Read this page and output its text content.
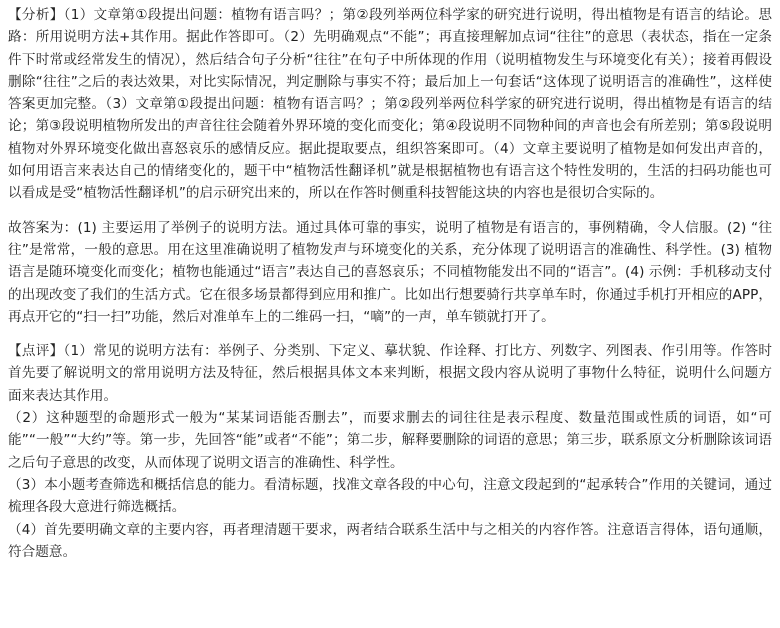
【分析】（1）文章第①段提出问题：植物有语言吗？；第②段列举两位科学家的研究进行说明，得出植物是有语言的结论。思路：所用说明方法+其作用。据此作答即可。（2）先明确观点“不能”；再直接理解加点词“往往”的意思（表状态，指在一定条件下时常或经常发生的情况），然后结合句子分析“往往”在句子中所体现的作用（说明植物发生与环境变化有关）；接着再假设删除“往往”之后的表达效果，对比实际情况，判定删除与事实不符；最后加上一句套话“这体现了说明语言的准确性”，这样使答案更加完整。（3）文章第①段提出问题：植物有语言吗？；第②段列举两位科学家的研究进行说明，得出植物是有语言的结论；第③段说明植物所发出的声音往往会随着外界环境的变化而变化；第④段说明不同物种间的声音也会有所差别；第⑤段说明植物对外界环境变化做出喜怒哀乐的感情反应。据此提取要点，组织答案即可。（4）文章主要说明了植物是如何发出声音的，如何用语言来表达自己的情绪变化的，题干中“植物活性翻译机”就是根据植物也有语言这个特性发明的，生活的扫码功能也可以看成是受“植物活性翻译机”的启示研究出来的，所以在作答时侧重科技智能这块的内容也是很切合实际的。

故答案为：(1) 主要运用了举例子的说明方法。通过具体可靠的事实，说明了植物是有语言的，事例精确，令人信服。(2) “往往”是常常，一般的意思。用在这里准确说明了植物发声与环境变化的关系，充分体现了说明语言的准确性、科学性。(3) 植物语言是随环境变化而变化；植物也能通过“语言”表达自己的喜怒哀乐；不同植物能发出不同的“语言”。(4) 示例：手机移动支付的出现改变了我们的生活方式。它在很多场景都得到应用和推广。比如出行想要骑行共享单车时，你通过手机打开相应的APP，再点开它的“扫一扫”功能，然后对准单车上的二维码一扫，“嘀”的一声，单车锁就打开了。

【点评】（1）常见的说明方法有：举例子、分类别、下定义、摹状貌、作诠释、打比方、列数字、列图表、作引用等。作答时首先要了解说明文的常用说明方法及特征，然后根据具体文本来判断，根据文段内容从说明了事物什么特征，说明什么问题方面来表达其作用。

（2）这种题型的命题形式一般为“某某词语能否删去”，而要求删去的词往往是表示程度、数量范围或性质的词语，如“可能”“一般”“大约”等。第一步，先回答“能”或者“不能”；第二步，解释要删除的词语的意思；第三步，联系原文分析删除该词语之后句子意思的改变，从而体现了说明文语言的准确性、科学性。

（3）本小题考查筛选和概括信息的能力。看清标题，找准文章各段的中心句，注意文段起到的“起承转合”作用的关键词，通过梳理各段大意进行筛选概括。

（4）首先要明确文章的主要内容，再者理清题干要求，两者结合联系生活中与之相关的内容作答。注意语言得体，语句通顺，符合题意。
